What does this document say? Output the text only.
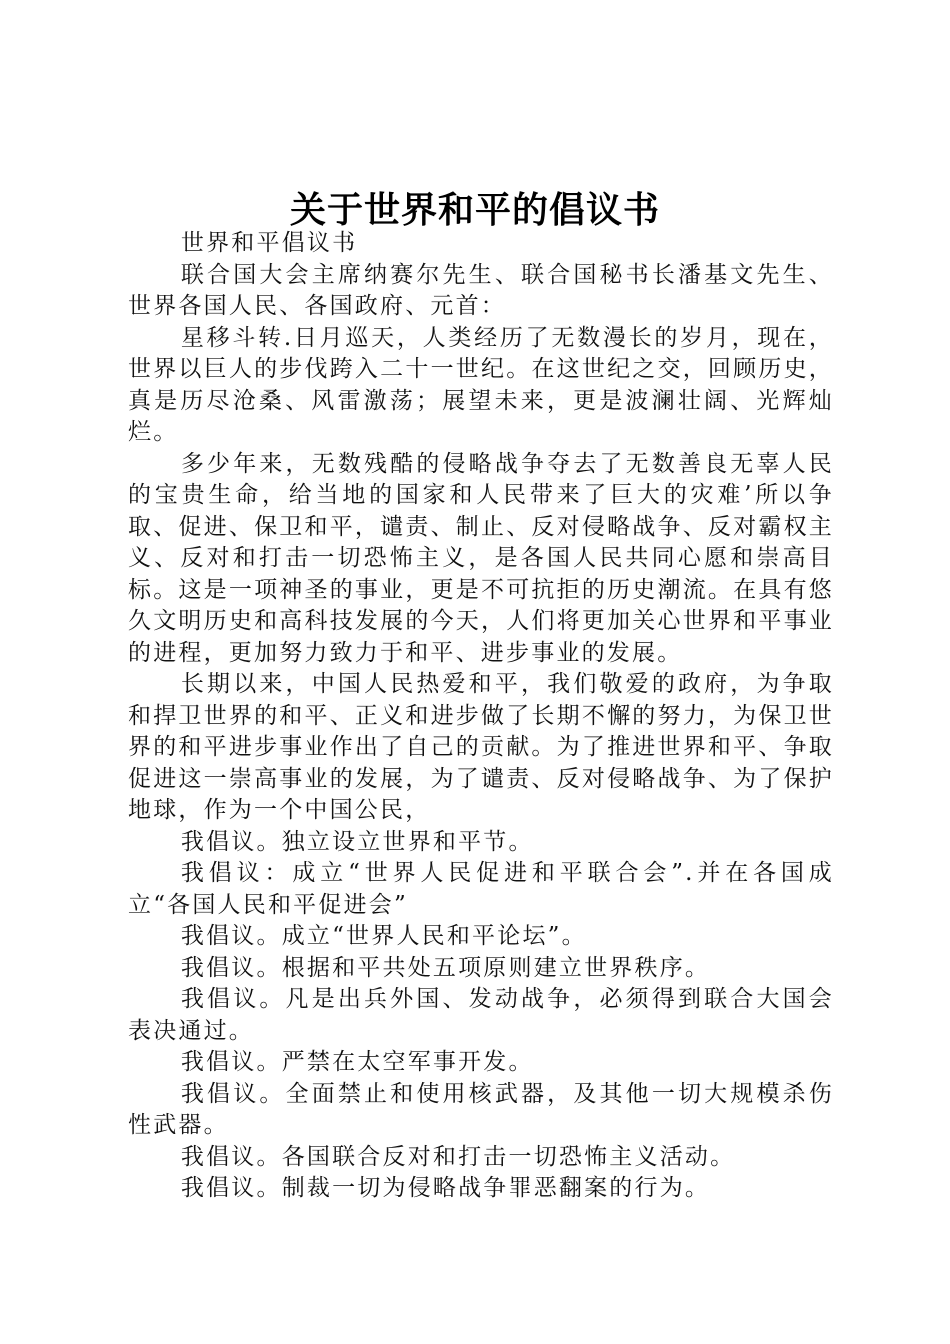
关于世界和平的倡议书

世界和平倡议书

联合国大会主席纳赛尔先生、联合国秘书长潘基文先生、世界各国人民、各国政府、元首：

星移斗转.日月巡天，人类经历了无数漫长的岁月，现在，世界以巨人的步伐跨入二十一世纪。在这世纪之交，回顾历史，真是历尽沧桑、风雷激荡；展望未来，更是波澜壮阔、光辉灿烂。

多少年来，无数残酷的侵略战争夺去了无数善良无辜人民的宝贵生命，给当地的国家和人民带来了巨大的灾难’所以争取、促进、保卫和平，谴责、制止、反对侵略战争、反对霸权主义、反对和打击一切恐怖主义，是各国人民共同心愿和崇高目标。这是一项神圣的事业，更是不可抗拒的历史潮流。在具有悠久文明历史和高科技发展的今天，人们将更加关心世界和平事业的进程，更加努力致力于和平、进步事业的发展。

长期以来，中国人民热爱和平，我们敬爱的政府，为争取和捍卫世界的和平、正义和进步做了长期不懈的努力，为保卫世界的和平进步事业作出了自己的贡献。为了推进世界和平、争取促进这一崇高事业的发展，为了谴责、反对侵略战争、为了保护地球，作为一个中国公民，

我倡议。独立设立世界和平节。

我倡议：成立“世界人民促进和平联合会”.并在各国成立“各国人民和平促进会”

我倡议。成立“世界人民和平论坛”。

我倡议。根据和平共处五项原则建立世界秩序。

我倡议。凡是出兵外国、发动战争，必须得到联合大国会表决通过。

我倡议。严禁在太空军事开发。

我倡议。全面禁止和使用核武器，及其他一切大规模杀伤性武器。

我倡议。各国联合反对和打击一切恐怖主义活动。

我倡议。制裁一切为侵略战争罪恶翻案的行为。
